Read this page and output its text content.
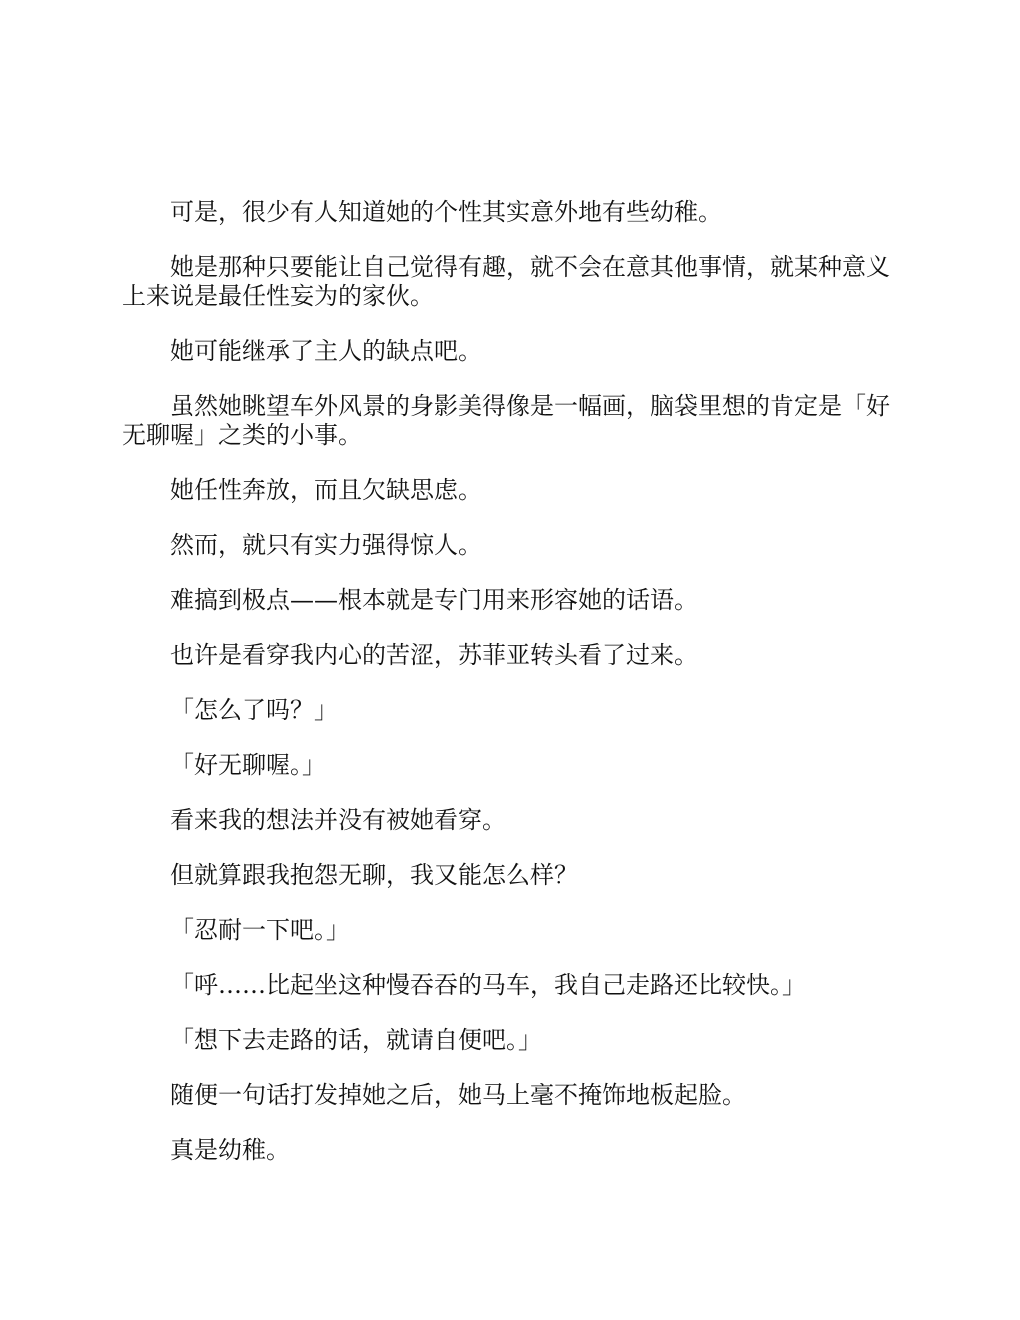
可是，很少有人知道她的个性其实意外地有些幼稚。

她是那种只要能让自己觉得有趣，就不会在意其他事情，就某种意义上来说是最任性妄为的家伙。

她可能继承了主人的缺点吧。

虽然她眺望车外风景的身影美得像是一幅画，脑袋里想的肯定是「好无聊喔」之类的小事。

她任性奔放，而且欠缺思虑。

然而，就只有实力强得惊人。

难搞到极点——根本就是专门用来形容她的话语。

也许是看穿我内心的苦涩，苏菲亚转头看了过来。

「怎么了吗？」

「好无聊喔。」

看来我的想法并没有被她看穿。

但就算跟我抱怨无聊，我又能怎么样？

「忍耐一下吧。」

「呼……比起坐这种慢吞吞的马车，我自己走路还比较快。」

「想下去走路的话，就请自便吧。」

随便一句话打发掉她之后，她马上毫不掩饰地板起脸。

真是幼稚。
